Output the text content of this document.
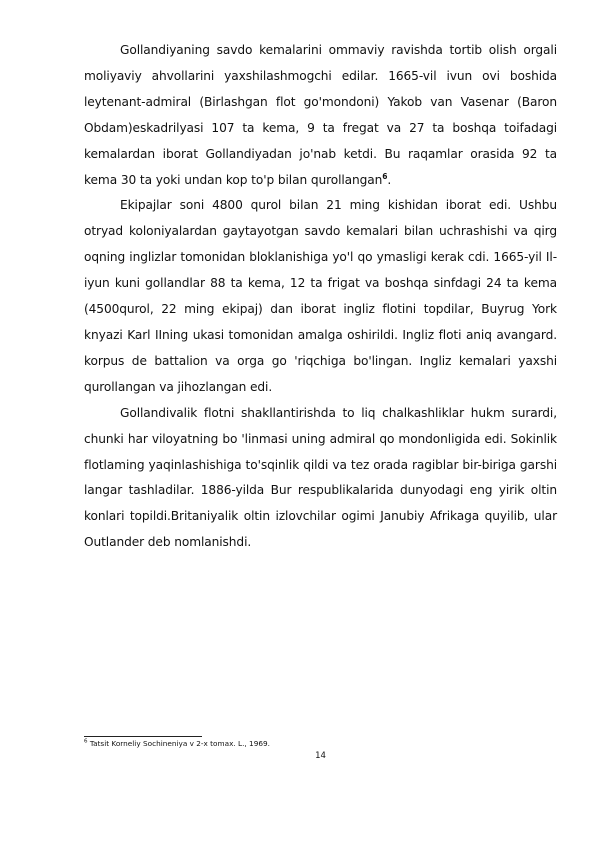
Gollandiyaning savdo kemalarini ommaviy ravishda tortib olish orgali moliyaviy ahvollarini yaxshilashmogchi edilar. 1665-vil ivun ovi boshida leytenant-admiral (Birlashgan flot go'mondoni) Yakob van Vasenar (Baron Obdam)eskadrilyasi 107 ta kema, 9 ta fregat va 27 ta boshqa toifadagi kemalardan iborat Gollandiyadan jo'nab ketdi. Bu raqamlar orasida 92 ta kema 30 ta yoki undan kop to'p bilan qurollangan$^6$.

Ekipajlar soni 4800 qurol bilan 21 ming kishidan iborat edi. Ushbu otryad koloniyalardan gaytayotgan savdo kemalari bilan uchrashishi va qirg oqning inglizlar tomonidan bloklanishiga yo'l qo ymasligi kerak cdi. 1665-yil Il-iyun kuni gollandlar 88 ta kema, 12 ta frigat va boshqa sinfdagi 24 ta kema (4500qurol, 22 ming ekipaj) dan iborat ingliz flotini topdilar, Buyrug York knyazi Karl IIning ukasi tomonidan amalga oshirildi. Ingliz floti aniq avangard. korpus de battalion va orga go 'riqchiga bo'lingan. Ingliz kemalari yaxshi qurollangan va jihozlangan edi.

Gollandivalik flotni shakllantirishda to liq chalkashliklar hukm surardi, chunki har viloyatning bo 'linmasi uning admiral qo mondonligida edi. Sokinlik flotlaming yaqinlashishiga to'sqinlik qildi va tez orada ragiblar bir-biriga garshi langar tashladilar. 1886-yilda Bur respublikalarida dunyodagi eng yirik oltin konlari topildi.Britaniyalik oltin izlovchilar ogimi Janubiy Afrikaga quyilib, ular Outlander deb nomlanishdi.

$^6$ Tatsit Korneliy Sochineniya v 2-x tomax. L., 1969.
14
